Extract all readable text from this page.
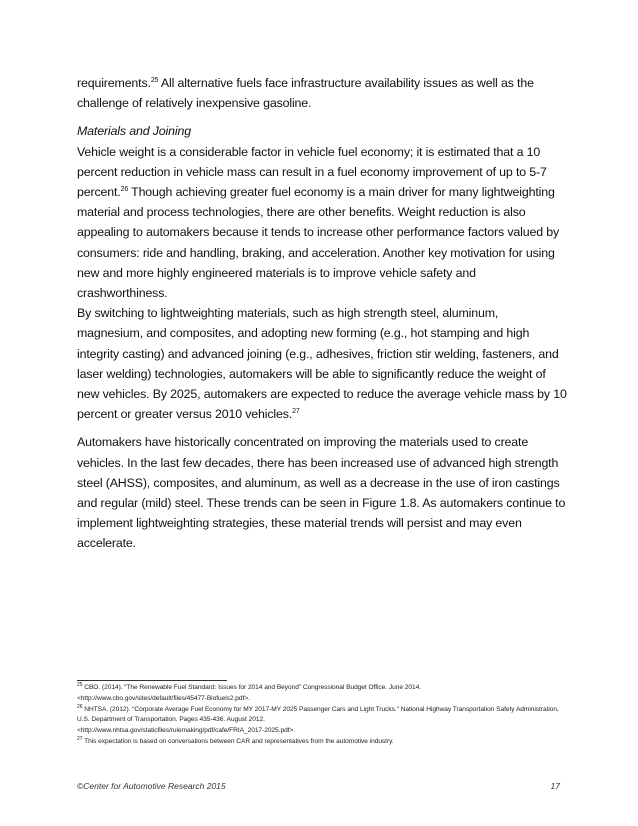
requirements.$^{25}$ All alternative fuels face infrastructure availability issues as well as the challenge of relatively inexpensive gasoline.

Materials and Joining

Vehicle weight is a considerable factor in vehicle fuel economy; it is estimated that a 10 percent reduction in vehicle mass can result in a fuel economy improvement of up to 5-7 percent.$^{26}$ Though achieving greater fuel economy is a main driver for many lightweighting material and process technologies, there are other benefits. Weight reduction is also appealing to automakers because it tends to increase other performance factors valued by consumers: ride and handling, braking, and acceleration. Another key motivation for using new and more highly engineered materials is to improve vehicle safety and crashworthiness.

By switching to lightweighting materials, such as high strength steel, aluminum, magnesium, and composites, and adopting new forming (e.g., hot stamping and high integrity casting) and advanced joining (e.g., adhesives, friction stir welding, fasteners, and laser welding) technologies, automakers will be able to significantly reduce the weight of new vehicles. By 2025, automakers are expected to reduce the average vehicle mass by 10 percent or greater versus 2010 vehicles.$^{27}$

Automakers have historically concentrated on improving the materials used to create vehicles. In the last few decades, there has been increased use of advanced high strength steel (AHSS), composites, and aluminum, as well as a decrease in the use of iron castings and regular (mild) steel. These trends can be seen in Figure 1.8. As automakers continue to implement lightweighting strategies, these material trends will persist and may even accelerate.

$^{25}$ CBO. (2014). “The Renewable Fuel Standard: Issues for 2014 and Beyond” Congressional Budget Office. June 2014.
<http://www.cbo.gov/sites/default/files/45477-Biofuels2.pdf>.

$^{26}$ NHTSA. (2012). “Corporate Average Fuel Economy for MY 2017-MY 2025 Passenger Cars and Light Trucks.” National Highway Transportation Safety Administration, U.S. Department of Transportation. Pages 435-436. August 2012.
<http://www.nhtsa.gov/staticfiles/rulemaking/pdf/cafe/FRIA_2017-2025.pdf>.

$^{27}$ This expectation is based on conversations between CAR and representatives from the automotive industry.

©Center for Automotive Research 2015	17
